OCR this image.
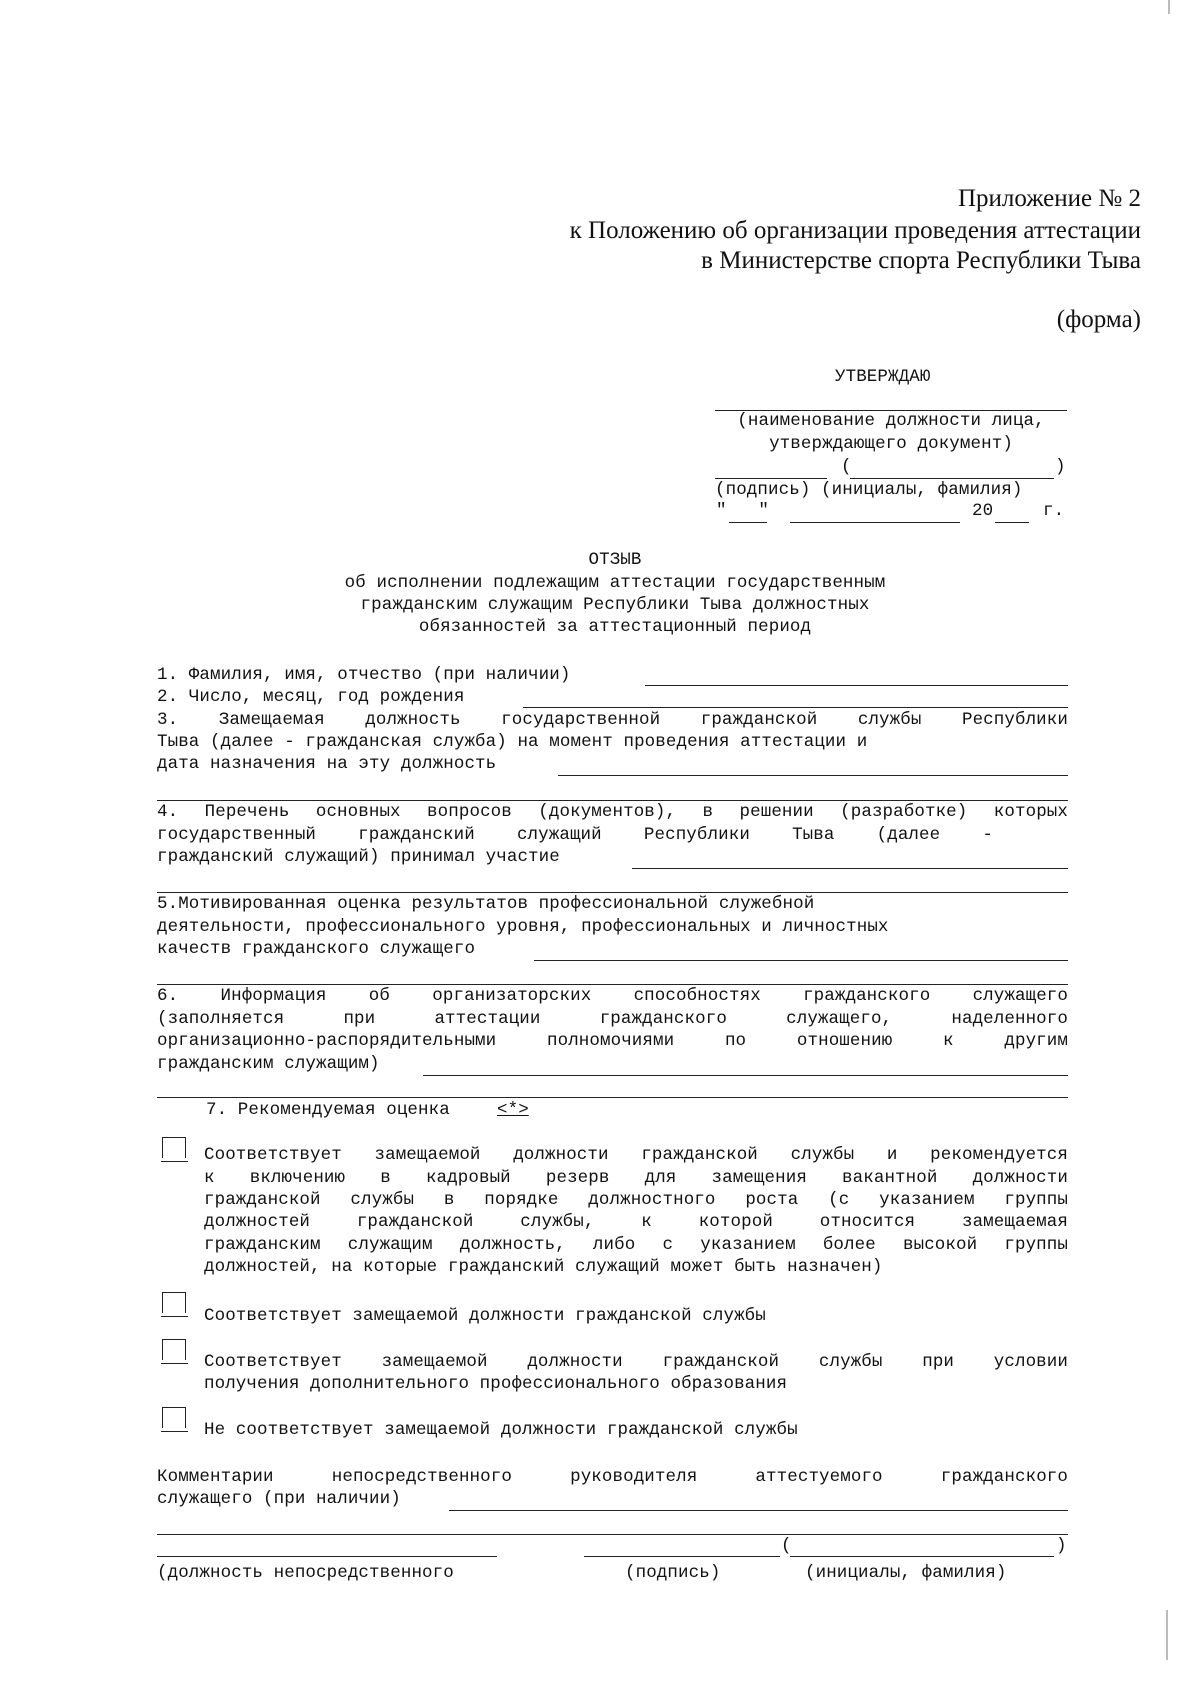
Приложение № 2
к Положению об организации проведения аттестации
в Министерстве спорта Республики Тыва
(форма)
УТВЕРЖДАЮ
(наименование должности лица,
утверждающего документ)
(	)
(подпись) (инициалы, фамилия)
"   "	20	г.
ОТЗЫВ
об исполнении подлежащим аттестации государственным
гражданским служащим Республики Тыва должностных
обязанностей за аттестационный период
1. Фамилия, имя, отчество (при наличии)
2. Число, месяц, год рождения
3. Замещаемая должность государственной гражданской службы Республики
Тыва (далее - гражданская служба) на момент проведения аттестации и
дата назначения на эту должность
4. Перечень основных вопросов (документов), в решении (разработке) которых
государственный гражданский служащий Республики Тыва (далее -
гражданский служащий) принимал участие
5.Мотивированная оценка результатов профессиональной служебной
деятельности, профессионального уровня, профессиональных и личностных
качеств гражданского служащего
6. Информация об организаторских способностях гражданского служащего
(заполняется при аттестации гражданского служащего, наделенного
организационно-распорядительными полномочиями по отношению к другим
гражданским служащим)
7. Рекомендуемая оценка	<*>
Соответствует замещаемой должности гражданской службы и рекомендуется
к включению в кадровый резерв для замещения вакантной должности
гражданской службы в порядке должностного роста (с указанием группы
должностей гражданской службы, к которой относится замещаемая
гражданским служащим должность, либо с указанием более высокой группы
должностей, на которые гражданский служащий может быть назначен)
Соответствует замещаемой должности гражданской службы
Соответствует замещаемой должности гражданской службы при условии
получения дополнительного профессионального образования
Не соответствует замещаемой должности гражданской службы
Комментарии непосредственного руководителя аттестуемого гражданского
служащего (при наличии)
(	)
(должность непосредственного	(подпись)	(инициалы, фамилия)
